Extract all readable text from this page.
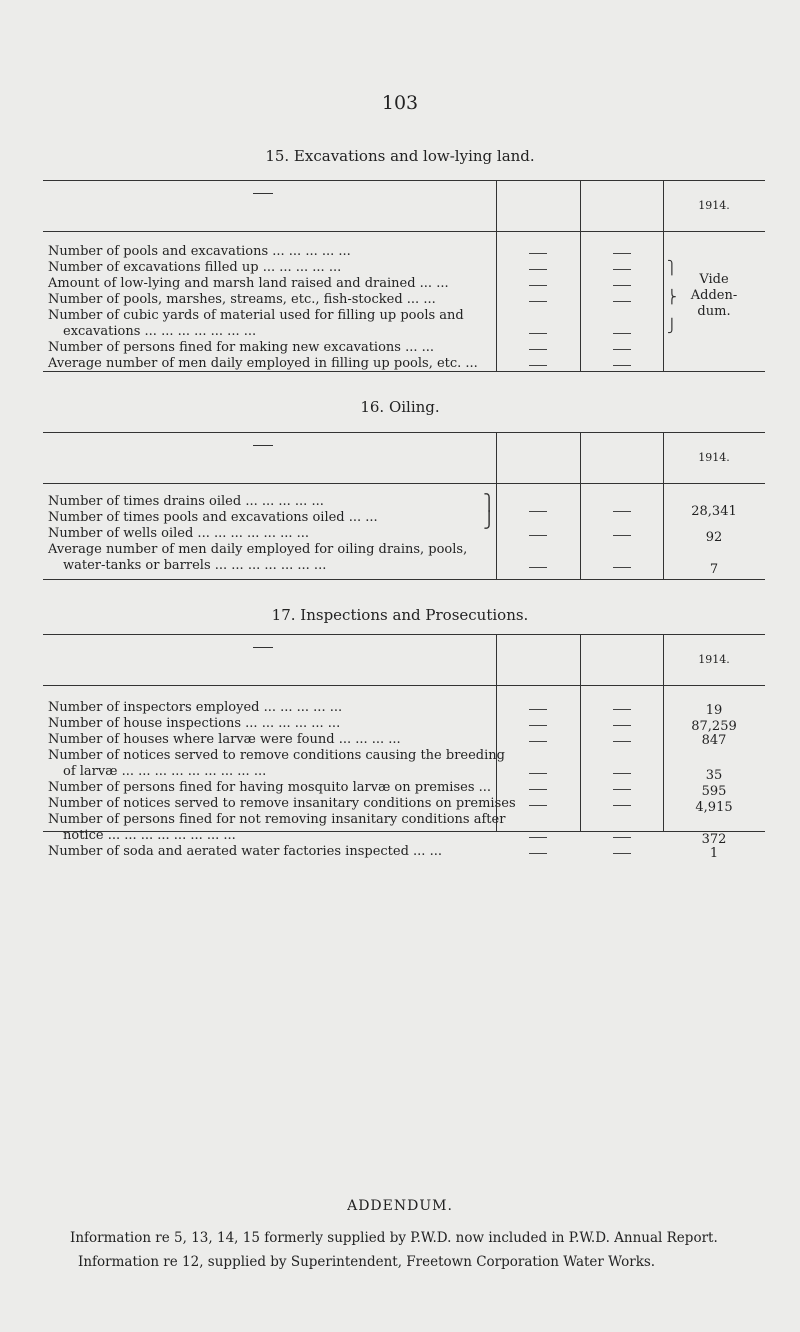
103
15. Excavations and low-lying land.
1914.
Number of pools and excavations ... ... ... ... ...
Number of excavations filled up ... ... ... ... ...
Amount of low-lying and marsh land raised and drained ... ...
Number of pools, marshes, streams, etc., fish-stocked ... ...
Number of cubic yards of material used for filling up pools and
excavations ... ... ... ... ... ... ...
Number of persons fined for making new excavations ... ...
Average number of men daily employed in filling up pools, etc. ...
⎫
⎬
⎭
Vide
Adden-
dum.
16. Oiling.
1914.
Number of times drains oiled ... ... ... ... ...
Number of times pools and excavations oiled ... ...	28,341
⎫
⎭
Number of wells oiled ... ... ... ... ... ... ...	92
Average number of men daily employed for oiling drains, pools,
water-tanks or barrels ... ... ... ... ... ... ...	7
17. Inspections and Prosecutions.
1914.
Number of inspectors employed ... ... ... ... ...	19
Number of house inspections ... ... ... ... ... ...	87,259
Number of houses where larvæ were found ... ... ... ...	847
Number of notices served to remove conditions causing the breeding
of larvæ ... ... ... ... ... ... ... ... ...	35
Number of persons fined for having mosquito larvæ on premises ...	595
Number of notices served to remove insanitary conditions on premises	4,915
Number of persons fined for not removing insanitary conditions after
notice ... ... ... ... ... ... ... ...	372
Number of soda and aerated water factories inspected ... ...	1
ADDENDUM.
Information re 5, 13, 14, 15 formerly supplied by P.W.D. now included in P.W.D. Annual Report.
Information re 12, supplied by Superintendent, Freetown Corporation Water Works.
